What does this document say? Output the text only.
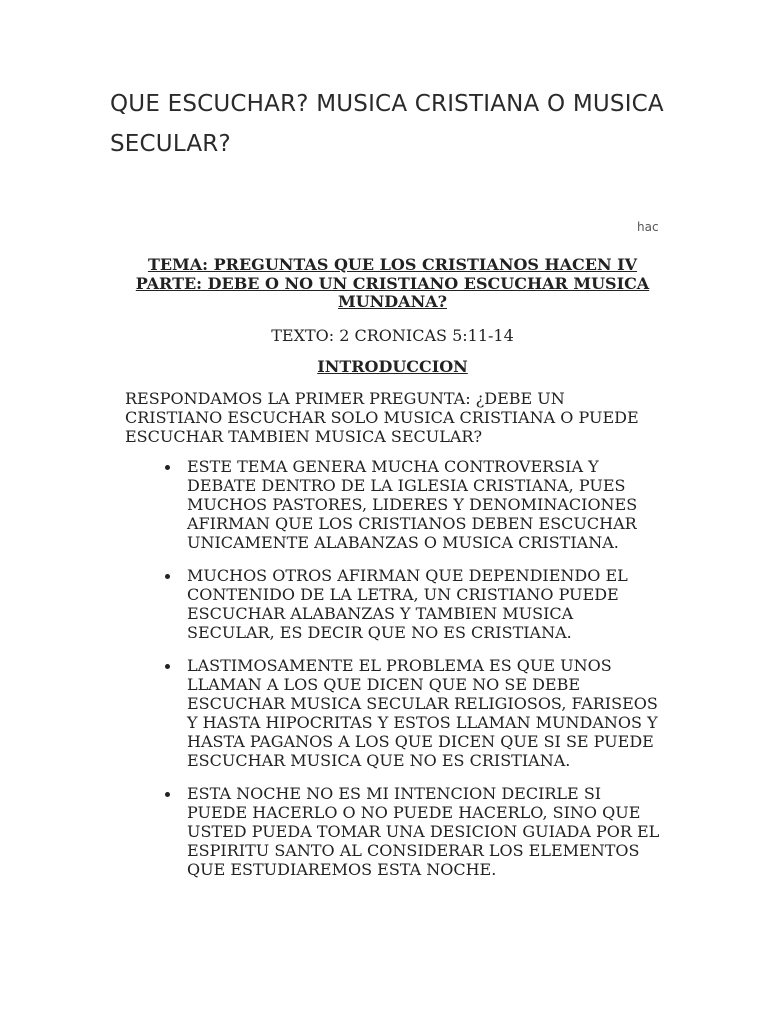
QUE ESCUCHAR? MUSICA CRISTIANA O MUSICA SECULAR?
hac

TEMA: PREGUNTAS QUE LOS CRISTIANOS HACEN IV PARTE: DEBE O NO UN CRISTIANO ESCUCHAR MUSICA MUNDANA?

TEXTO: 2 CRONICAS 5:11-14

INTRODUCCION

RESPONDAMOS LA PRIMER PREGUNTA: ¿DEBE UN CRISTIANO ESCUCHAR SOLO MUSICA CRISTIANA O PUEDE ESCUCHAR TAMBIEN MUSICA SECULAR?

ESTE TEMA GENERA MUCHA CONTROVERSIA Y DEBATE DENTRO DE LA IGLESIA CRISTIANA, PUES MUCHOS PASTORES, LIDERES Y DENOMINACIONES AFIRMAN QUE LOS CRISTIANOS DEBEN ESCUCHAR UNICAMENTE ALABANZAS O MUSICA CRISTIANA.
MUCHOS OTROS AFIRMAN QUE DEPENDIENDO EL CONTENIDO DE LA LETRA, UN CRISTIANO PUEDE ESCUCHAR ALABANZAS Y TAMBIEN MUSICA SECULAR, ES DECIR QUE NO ES CRISTIANA.
LASTIMOSAMENTE EL PROBLEMA ES QUE UNOS LLAMAN A LOS QUE DICEN QUE NO SE DEBE ESCUCHAR MUSICA SECULAR RELIGIOSOS, FARISEOS Y HASTA HIPOCRITAS Y ESTOS LLAMAN MUNDANOS Y HASTA PAGANOS A LOS QUE DICEN QUE SI SE PUEDE ESCUCHAR MUSICA QUE NO ES CRISTIANA.
ESTA NOCHE NO ES MI INTENCION DECIRLE SI PUEDE HACERLO O NO PUEDE HACERLO, SINO QUE USTED PUEDA TOMAR UNA DESICION GUIADA POR EL ESPIRITU SANTO AL CONSIDERAR LOS ELEMENTOS QUE ESTUDIAREMOS ESTA NOCHE.
